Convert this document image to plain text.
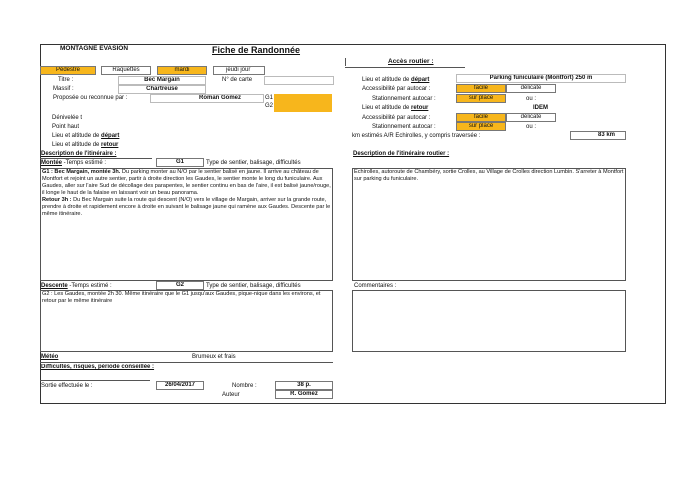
MONTAGNE EVASION	Fiche de Randonnée
Accès routier :
Pédestre	Raquettes	mardi	jeudi jour
Titre :	Bec Margain	N° de carte
Massif :	Chartreuse
Proposée ou reconnue par :	Roman Gomez	G1
G2
Dénivelée t
Point haut
Lieu et altitude de départ
Lieu et altitude de retour
Lieu et altitude de départ	Parking funiculaire (Montfort) 250 m
Accessibilité par autocar :	facile	délicate
Stationnement autocar :	sur place	ou :
Lieu et altitude de retour	IDEM
Accessibilité par autocar :	facile	délicate
Stationnement autocar :	sur place	ou :
km estimés A/R Echirolles, y compris traversée :	83 km
Description de l'itinéraire :	Description de l'itinéraire routier :
Montée -Temps estimé :	G1	Type de sentier, balisage, difficultés
G1 : Bec Margain, montée 3h. Du parking monter au N/O par le sentier balisé en jaune. Il arrive au château de Montfort et rejoint un autre sentier, partir à droite direction les Gaudes, le sentier monte le long du funiculaire. Aux Gaudes, aller sur l'aire Sud de décollage des parapentes, le sentier continu en bas de l'aire, il est balisé jaune/rouge, il longe le haut de la falaise en laissant voir un beau panorama.
Retour 3h : Du Bec Margain suite la route qui descent (N/O) vers le village de Margain, arriver sur la grande route, prendre à droite et rapidement encore à droite en suivant le balisage jaune qui ramène aux Gaudes. Descente par le même itinéraire.
Echirolles, autoroute de Chambéry, sortie Crolles, au Village de Crolles direction Lumbin. S'arreter à Montfort sur parking du funiculaire.
Descente -Temps estimé :	G2	Type de sentier, balisage, difficultés	Commentaires :
G2 : Les Gaudes, montée 2h 30. Même itinéraire que le G1 jusqu'aux Gaudes, pique-nique dans les environs, et retour par le même itinéraire
Météo	Brumeux et frais
Difficultés, risques, période conseillée :
Sortie effectuée le :	26/04/2017	Nombre :	38 p.
Auteur	R. Gomez
